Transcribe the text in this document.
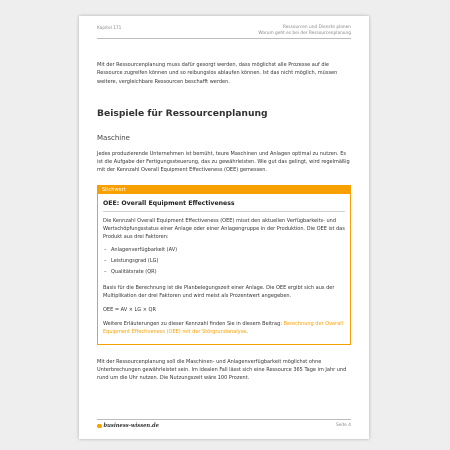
Kapitel 171	Ressourcen und Dienste planen
Warum geht es bei der Ressourcenplanung

Mit der Ressourcenplanung muss dafür gesorgt werden, dass möglichst alle Prozesse auf die Ressource zugreifen können und so reibungslos ablaufen können. Ist das nicht möglich, müssen weitere, vergleichbare Ressourcen beschafft werden.

Beispiele für Ressourcenplanung
Maschine

Jedes produzierende Unternehmen ist bemüht, teure Maschinen und Anlagen optimal zu nutzen. Es ist die Aufgabe der Fertigungssteuerung, das zu gewährleisten. Wie gut das gelingt, wird regelmäßig mit der Kennzahl Overall Equipment Effectiveness (OEE) gemessen.

Stichwort

OEE: Overall Equipment Effectiveness

Die Kennzahl Overall Equipment Effectiveness (OEE) misst den aktuellen Verfügbarkeits- und Wertschöpfungsstatus einer Anlage oder einer Anlagengruppe in der Produktion. Die OEE ist das Produkt aus drei Faktoren:

– Anlagenverfügbarkeit (AV)
– Leistungsgrad (LG)
– Qualitätsrate (QR)

Basis für die Berechnung ist die Planbelegungszeit einer Anlage. Die OEE ergibt sich aus der Multiplikation der drei Faktoren und wird meist als Prozentwert angegeben.

OEE = AV × LG × QR

Weitere Erläuterungen zu dieser Kennzahl finden Sie in diesem Beitrag: Berechnung der Overall Equipment Effectiveness (OEE) mit der Störgrundanalyse.

Mit der Ressourcenplanung soll die Maschinen- und Anlagenverfügbarkeit möglichst ohne Unterbrechungen gewährleistet sein. Im idealen Fall lässt sich eine Ressource 365 Tage im Jahr und rund um die Uhr nutzen. Die Nutzungszeit wäre 100 Prozent.

business-wissen.de	Seite 4
